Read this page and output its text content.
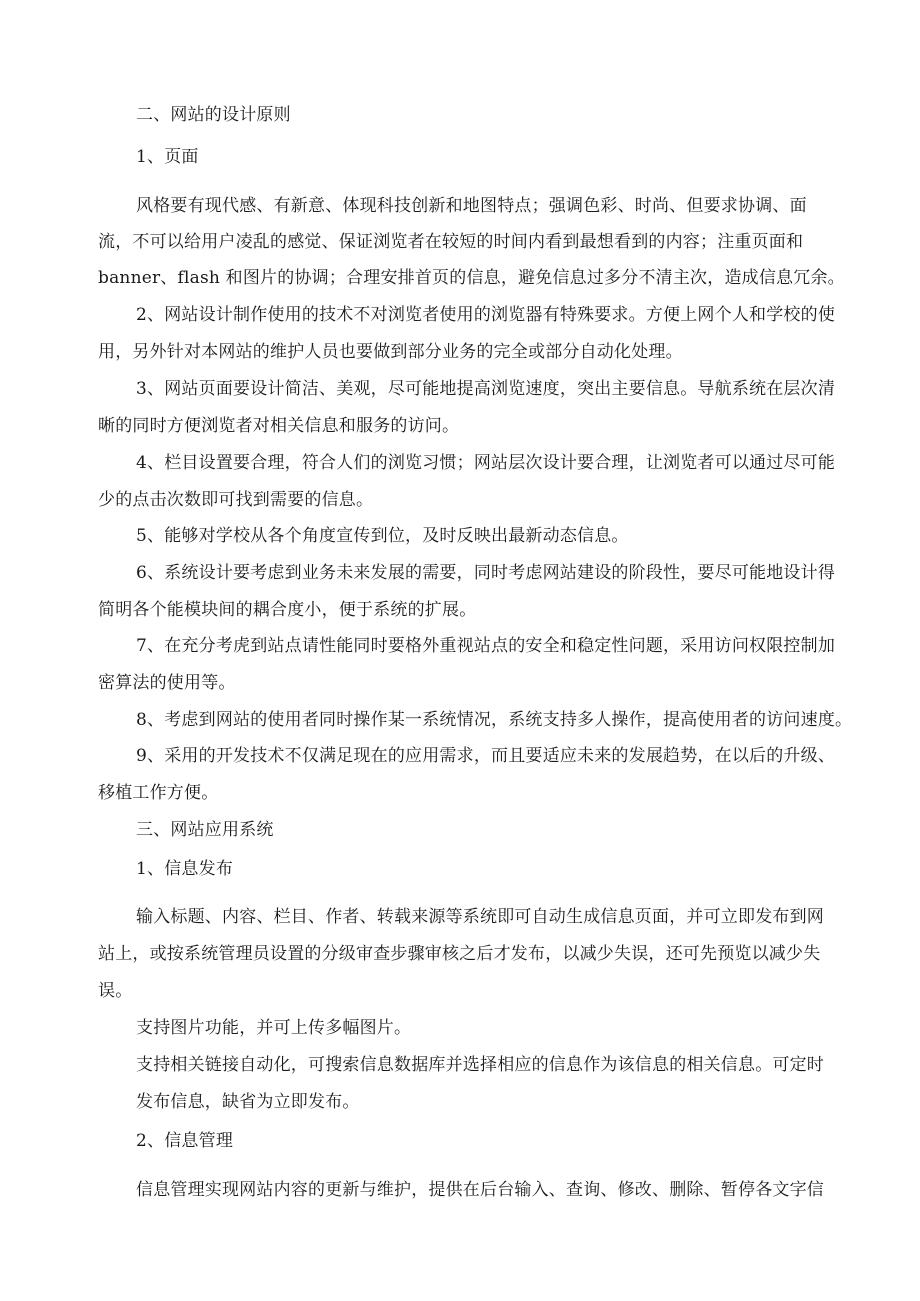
二、网站的设计原则
1、页面
风格要有现代感、有新意、体现科技创新和地图特点；强调色彩、时尚、但要求协调、面
流，不可以给用户凌乱的感觉、保证浏览者在较短的时间内看到最想看到的内容；注重页面和
banner、flash 和图片的协调；合理安排首页的信息，避免信息过多分不清主次，造成信息冗余。
2、网站设计制作使用的技术不对浏览者使用的浏览器有特殊要求。方便上网个人和学校的使
用，另外针对本网站的维护人员也要做到部分业务的完全或部分自动化处理。
3、网站页面要设计简洁、美观，尽可能地提高浏览速度，突出主要信息。导航系统在层次清
晰的同时方便浏览者对相关信息和服务的访问。
4、栏目设置要合理，符合人们的浏览习惯；网站层次设计要合理，让浏览者可以通过尽可能
少的点击次数即可找到需要的信息。
5、能够对学校从各个角度宣传到位，及时反映出最新动态信息。
6、系统设计要考虑到业务未来发展的需要，同时考虑网站建设的阶段性，要尽可能地设计得
简明各个能模块间的耦合度小，便于系统的扩展。
7、在充分考虎到站点请性能同时要格外重视站点的安全和稳定性问题，采用访问权限控制加
密算法的使用等。
8、考虑到网站的使用者同时操作某一系统情况，系统支持多人操作，提高使用者的访问速度。
9、采用的开发技术不仅满足现在的应用需求，而且要适应未来的发展趋势，在以后的升级、
移植工作方便。
三、网站应用系统
1、信息发布
输入标题、内容、栏目、作者、转载来源等系统即可自动生成信息页面，并可立即发布到网
站上，或按系统管理员设置的分级审查步骤审核之后才发布，以减少失误，还可先预览以减少失
误。
支持图片功能，并可上传多幅图片。
支持相关链接自动化，可搜索信息数据库并选择相应的信息作为该信息的相关信息。可定时
发布信息，缺省为立即发布。
2、信息管理
信息管理实现网站内容的更新与维护，提供在后台输入、查询、修改、删除、暂停各文字信
